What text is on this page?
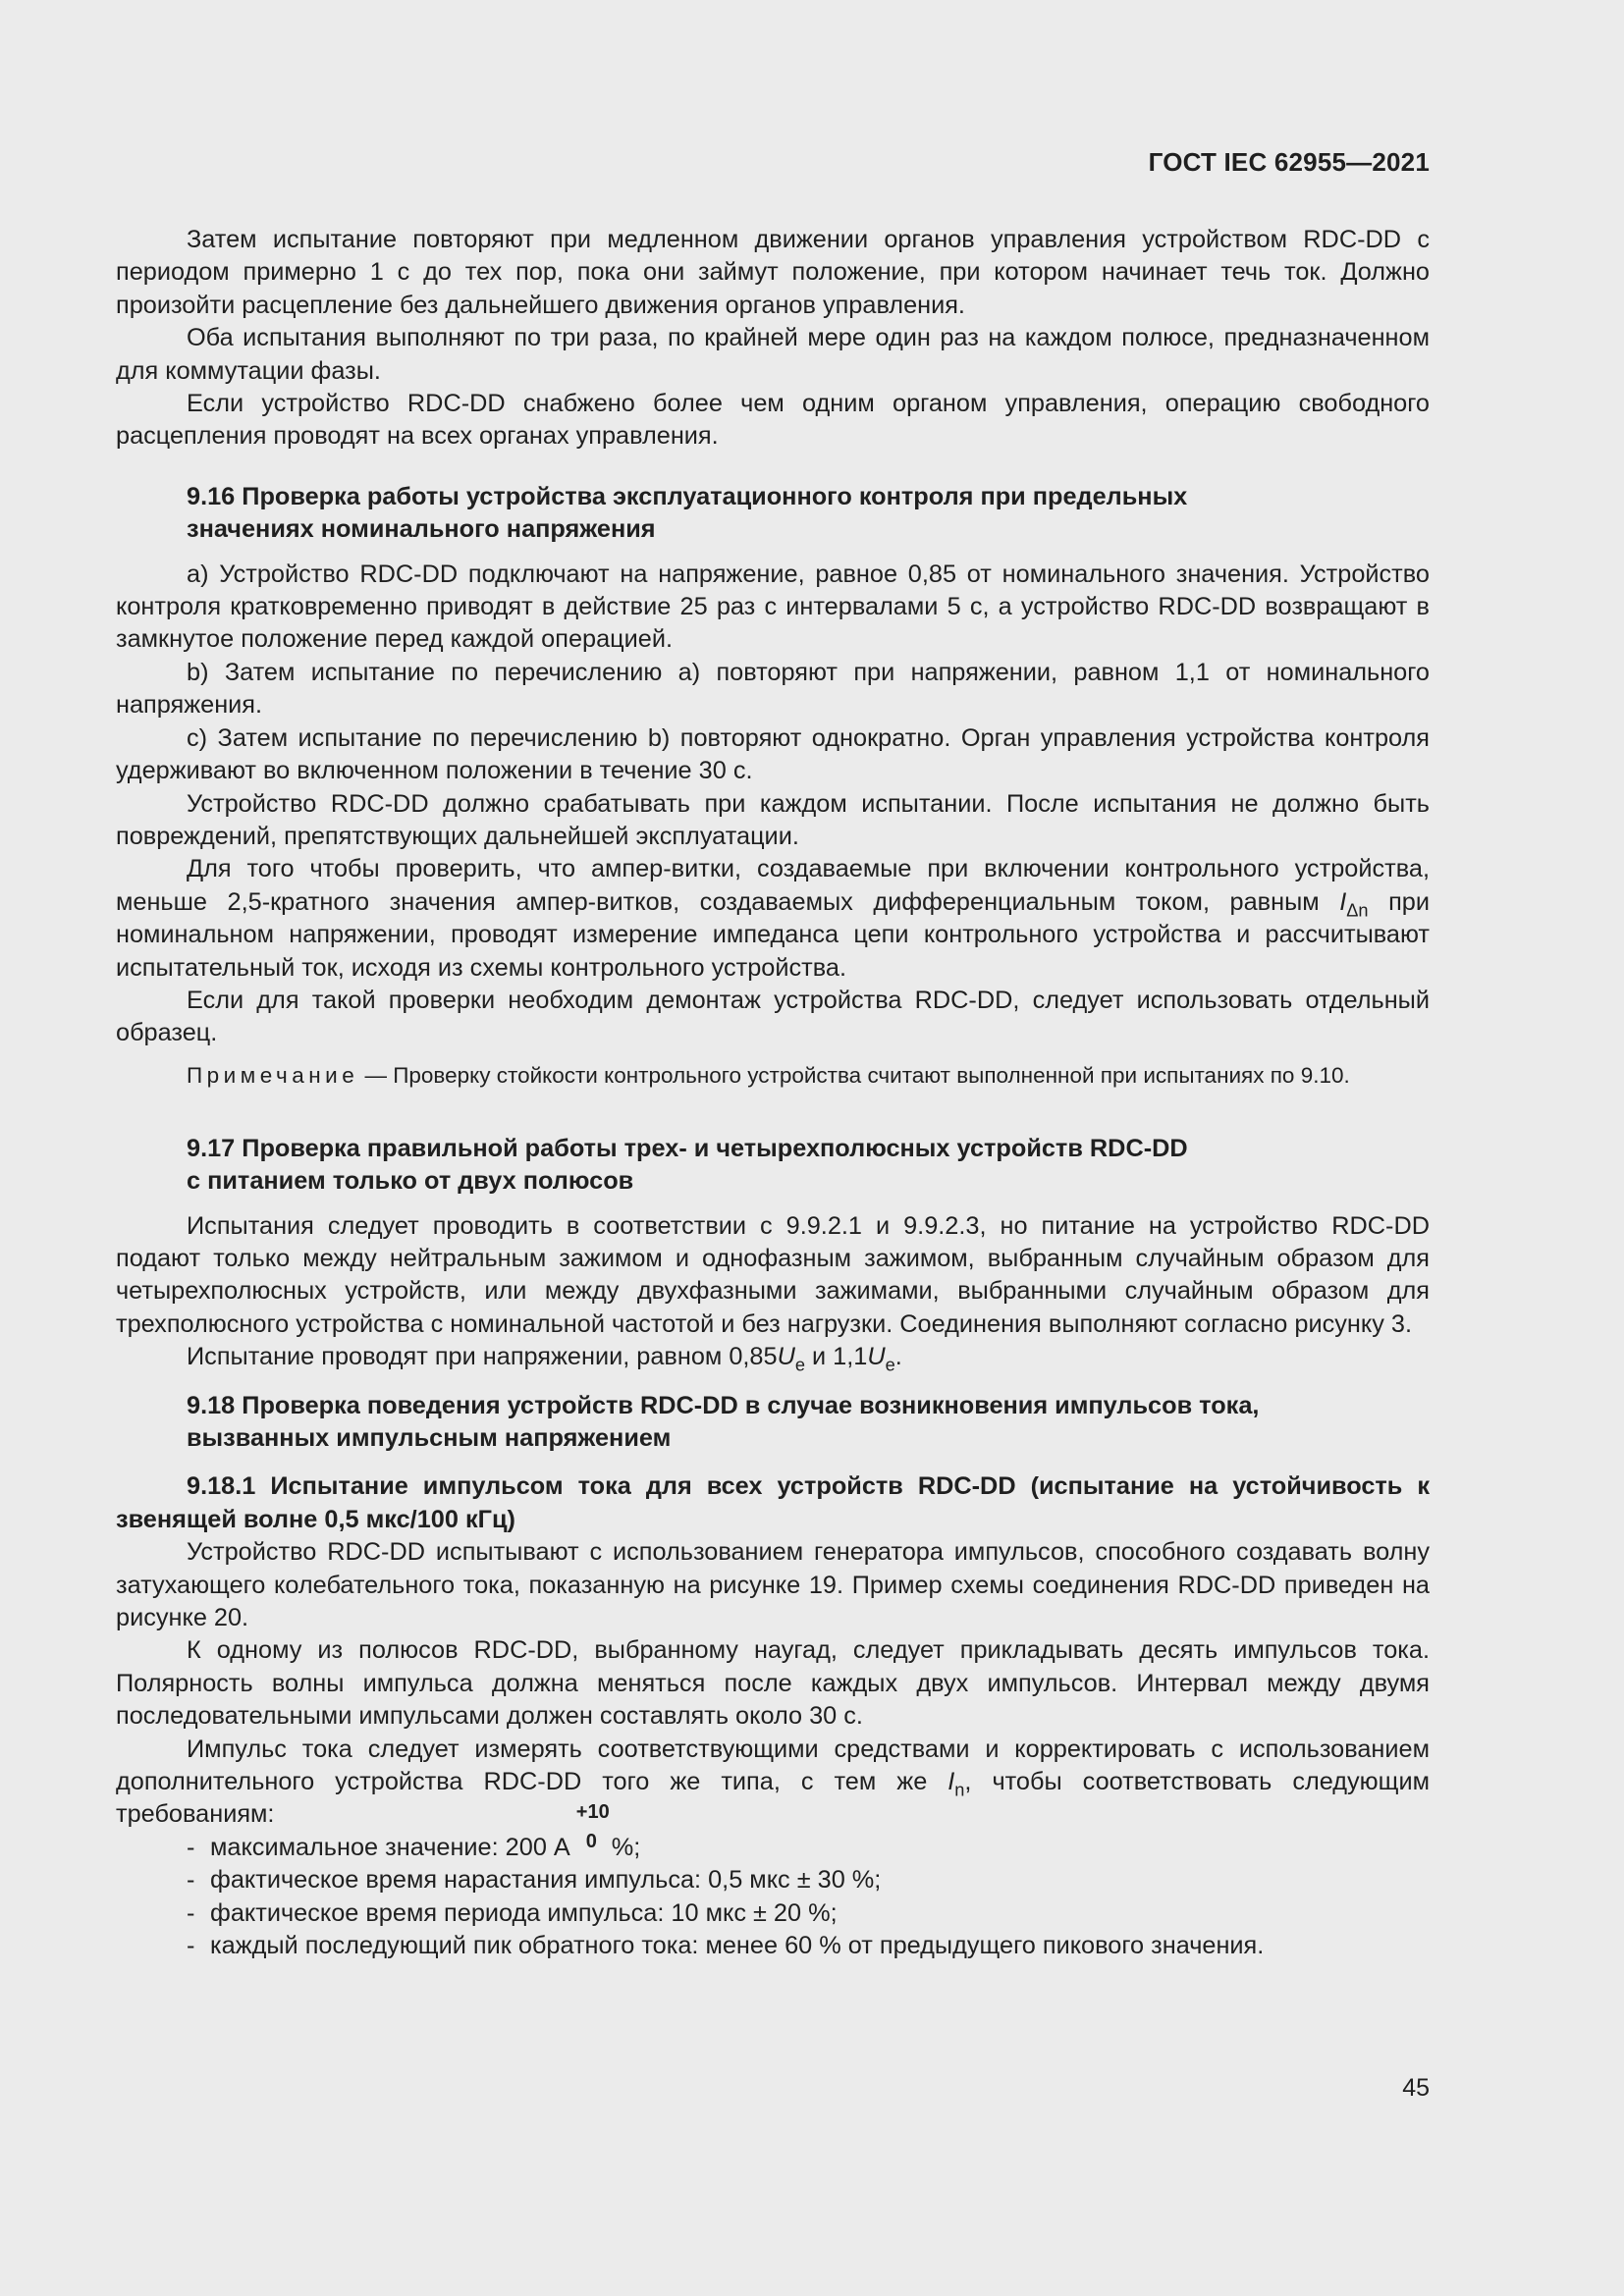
ГОСТ IEC 62955—2021

Затем испытание повторяют при медленном движении органов управления устройством RDC-DD с периодом примерно 1 с до тех пор, пока они займут положение, при котором начинает течь ток. Должно произойти расцепление без дальнейшего движения органов управления.

Оба испытания выполняют по три раза, по крайней мере один раз на каждом полюсе, предназначенном для коммутации фазы.

Если устройство RDC-DD снабжено более чем одним органом управления, операцию свободного расцепления проводят на всех органах управления.

9.16 Проверка работы устройства эксплуатационного контроля при предельных
значениях номинального напряжения

a) Устройство RDC-DD подключают на напряжение, равное 0,85 от номинального значения. Устройство контроля кратковременно приводят в действие 25 раз с интервалами 5 с, а устройство RDC-DD возвращают в замкнутое положение перед каждой операцией.

b) Затем испытание по перечислению a) повторяют при напряжении, равном 1,1 от номинального напряжения.

c) Затем испытание по перечислению b) повторяют однократно. Орган управления устройства контроля удерживают во включенном положении в течение 30 с.

Устройство RDC-DD должно срабатывать при каждом испытании. После испытания не должно быть повреждений, препятствующих дальнейшей эксплуатации.

Для того чтобы проверить, что ампер-витки, создаваемые при включении контрольного устройства, меньше 2,5-кратного значения ампер-витков, создаваемых дифференциальным током, равным $I_{\Delta n}$ при номинальном напряжении, проводят измерение импеданса цепи контрольного устройства и рассчитывают испытательный ток, исходя из схемы контрольного устройства.

Если для такой проверки необходим демонтаж устройства RDC-DD, следует использовать отдельный образец.

Примечание — Проверку стойкости контрольного устройства считают выполненной при испытаниях по 9.10.

9.17 Проверка правильной работы трех- и четырехполюсных устройств RDC-DD
с питанием только от двух полюсов

Испытания следует проводить в соответствии с 9.9.2.1 и 9.9.2.3, но питание на устройство RDC-DD подают только между нейтральным зажимом и однофазным зажимом, выбранным случайным образом для четырехполюсных устройств, или между двухфазными зажимами, выбранными случайным образом для трехполюсного устройства с номинальной частотой и без нагрузки. Соединения выполняют согласно рисунку 3.

Испытание проводят при напряжении, равном $0,85U_e$ и $1,1U_e$.

9.18 Проверка поведения устройств RDC-DD в случае возникновения импульсов тока,
вызванных импульсным напряжением

9.18.1 Испытание импульсом тока для всех устройств RDC-DD (испытание на устойчивость к звенящей волне 0,5 мкс/100 кГц)

Устройство RDC-DD испытывают с использованием генератора импульсов, способного создавать волну затухающего колебательного тока, показанную на рисунке 19. Пример схемы соединения RDC-DD приведен на рисунке 20.

К одному из полюсов RDC-DD, выбранному наугад, следует прикладывать десять импульсов тока. Полярность волны импульса должна меняться после каждых двух импульсов. Интервал между двумя последовательными импульсами должен составлять около 30 с.

Импульс тока следует измерять соответствующими средствами и корректировать с использованием дополнительного устройства RDC-DD того же типа, с тем же $I_n$, чтобы соответствовать следующим требованиям:

- максимальное значение: 200 А
+10
0 %;
- фактическое время нарастания импульса: 0,5 мкс ± 30 %;
- фактическое время периода импульса: 10 мкс ± 20 %;
- каждый последующий пик обратного тока: менее 60 % от предыдущего пикового значения.
45
